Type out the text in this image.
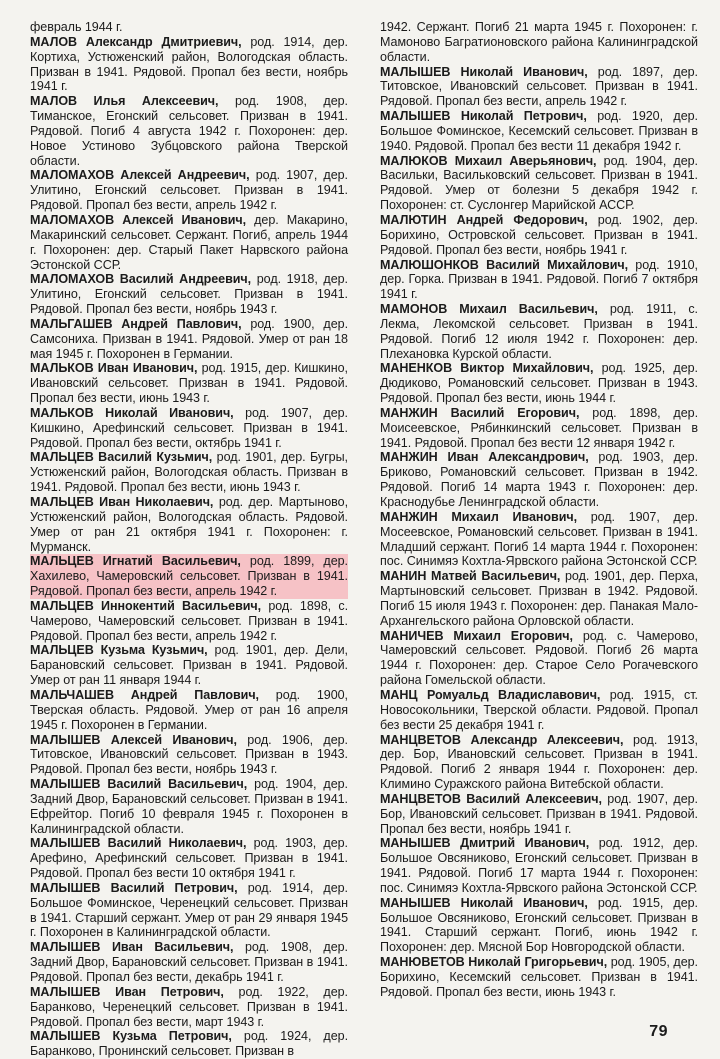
февраль 1944 г.

МАЛОВ Александр Дмитриевич, род. 1914, дер. Кортиха, Устюженский район, Вологодская область. Призван в 1941. Рядовой. Пропал без вести, ноябрь 1941 г.

МАЛОВ Илья Алексеевич, род. 1908, дер. Тиманское, Егонский сельсовет. Призван в 1941. Рядовой. Погиб 4 августа 1942 г. Похоронен: дер. Новое Устиново Зубцовского района Тверской области.

МАЛОМАХОВ Алексей Андреевич, род. 1907, дер. Улитино, Егонский сельсовет. Призван в 1941. Рядовой. Пропал без вести, апрель 1942 г.

МАЛОМАХОВ Алексей Иванович, дер. Макарино, Макаринский сельсовет. Сержант. Погиб, апрель 1944 г. Похоронен: дер. Старый Пакет Нарвского района Эстонской ССР.

МАЛОМАХОВ Василий Андреевич, род. 1918, дер. Улитино, Егонский сельсовет. Призван в 1941. Рядовой. Пропал без вести, ноябрь 1943 г.

МАЛЬГАШЕВ Андрей Павлович, род. 1900, дер. Самсониха. Призван в 1941. Рядовой. Умер от ран 18 мая 1945 г. Похоронен в Германии.

МАЛЬКОВ Иван Иванович, род. 1915, дер. Кишкино, Ивановский сельсовет. Призван в 1941. Рядовой. Пропал без вести, июнь 1943 г.

МАЛЬКОВ Николай Иванович, род. 1907, дер. Кишкино, Арефинский сельсовет. Призван в 1941. Рядовой. Пропал без вести, октябрь 1941 г.

МАЛЬЦЕВ Василий Кузьмич, род. 1901, дер. Бугры, Устюженский район, Вологодская область. Призван в 1941. Рядовой. Пропал без вести, июнь 1943 г.

МАЛЬЦЕВ Иван Николаевич, род. дер. Мартыново, Устюженский район, Вологодская область. Рядовой. Умер от ран 21 октября 1941 г. Похоронен: г. Мурманск.

МАЛЬЦЕВ Игнатий Васильевич, род. 1899, дер. Хахилево, Чамеровский сельсовет. Призван в 1941. Рядовой. Пропал без вести, апрель 1942 г.

МАЛЬЦЕВ Иннокентий Васильевич, род. 1898, с. Чамерово, Чамеровский сельсовет. Призван в 1941. Рядовой. Пропал без вести, апрель 1942 г.

МАЛЬЦЕВ Кузьма Кузьмич, род. 1901, дер. Дели, Барановский сельсовет. Призван в 1941. Рядовой. Умер от ран 11 января 1944 г.

МАЛЬЧАШЕВ Андрей Павлович, род. 1900, Тверская область. Рядовой. Умер от ран 16 апреля 1945 г. Похоронен в Германии.

МАЛЫШЕВ Алексей Иванович, род. 1906, дер. Титовское, Ивановский сельсовет. Призван в 1943. Рядовой. Пропал без вести, ноябрь 1943 г.

МАЛЫШЕВ Василий Васильевич, род. 1904, дер. Задний Двор, Барановский сельсовет. Призван в 1941. Ефрейтор. Погиб 10 февраля 1945 г. Похоронен в Калининградской области.

МАЛЫШЕВ Василий Николаевич, род. 1903, дер. Арефино, Арефинский сельсовет. Призван в 1941. Рядовой. Пропал без вести 10 октября 1941 г.

МАЛЫШЕВ Василий Петрович, род. 1914, дер. Большое Фоминское, Черенецкий сельсовет. Призван в 1941. Старший сержант. Умер от ран 29 января 1945 г. Похоронен в Калининградской области.

МАЛЫШЕВ Иван Васильевич, род. 1908, дер. Задний Двор, Барановский сельсовет. Призван в 1941. Рядовой. Пропал без вести, декабрь 1941 г.

МАЛЫШЕВ Иван Петрович, род. 1922, дер. Баранково, Черенецкий сельсовет. Призван в 1941. Рядовой. Пропал без вести, март 1943 г.

МАЛЫШЕВ Кузьма Петрович, род. 1924, дер. Баранково, Пронинский сельсовет. Призван в

1942. Сержант. Погиб 21 марта 1945 г. Похоронен: г. Мамоново Багратионовского района Калининградской области.

МАЛЫШЕВ Николай Иванович, род. 1897, дер. Титовское, Ивановский сельсовет. Призван в 1941. Рядовой. Пропал без вести, апрель 1942 г.

МАЛЫШЕВ Николай Петрович, род. 1920, дер. Большое Фоминское, Кесемский сельсовет. Призван в 1940. Рядовой. Пропал без вести 11 декабря 1942 г.

МАЛЮКОВ Михаил Аверьянович, род. 1904, дер. Васильки, Васильковский сельсовет. Призван в 1941. Рядовой. Умер от болезни 5 декабря 1942 г. Похоронен: ст. Суслонгер Марийской АССР.

МАЛЮТИН Андрей Федорович, род. 1902, дер. Борихино, Островской сельсовет. Призван в 1941. Рядовой. Пропал без вести, ноябрь 1941 г.

МАЛЮШОНКОВ Василий Михайлович, род. 1910, дер. Горка. Призван в 1941. Рядовой. Погиб 7 октября 1941 г.

МАМОНОВ Михаил Васильевич, род. 1911, с. Лекма, Лекомской сельсовет. Призван в 1941. Рядовой. Погиб 12 июля 1942 г. Похоронен: дер. Плехановка Курской области.

МАНЕНКОВ Виктор Михайлович, род. 1925, дер. Дюдиково, Романовский сельсовет. Призван в 1943. Рядовой. Пропал без вести, июнь 1944 г.

МАНЖИН Василий Егорович, род. 1898, дер. Моисеевское, Рябинкинский сельсовет. Призван в 1941. Рядовой. Пропал без вести 12 января 1942 г.

МАНЖИН Иван Александрович, род. 1903, дер. Бриково, Романовский сельсовет. Призван в 1942. Рядовой. Погиб 14 марта 1943 г. Похоронен: дер. Краснодубье Ленинградской области.

МАНЖИН Михаил Иванович, род. 1907, дер. Мосеевское, Романовский сельсовет. Призван в 1941. Младший сержант. Погиб 14 марта 1944 г. Похоронен: пос. Синимяэ Кохтла-Ярвского района Эстонской ССР.

МАНИН Матвей Васильевич, род. 1901, дер. Перха, Мартыновский сельсовет. Призван в 1942. Рядовой. Погиб 15 июля 1943 г. Похоронен: дер. Панакая Мало-Архангельского района Орловской области.

МАНИЧЕВ Михаил Егорович, род. с. Чамерово, Чамеровский сельсовет. Рядовой. Погиб 26 марта 1944 г. Похоронен: дер. Старое Село Рогачевского района Гомельской области.

МАНЦ Ромуальд Владиславович, род. 1915, ст. Новосокольники, Тверской области. Рядовой. Пропал без вести 25 декабря 1941 г.

МАНЦВЕТОВ Александр Алексеевич, род. 1913, дер. Бор, Ивановский сельсовет. Призван в 1941. Рядовой. Погиб 2 января 1944 г. Похоронен: дер. Климино Суражского района Витебской области.

МАНЦВЕТОВ Василий Алексеевич, род. 1907, дер. Бор, Ивановский сельсовет. Призван в 1941. Рядовой. Пропал без вести, ноябрь 1941 г.

МАНЫШЕВ Дмитрий Иванович, род. 1912, дер. Большое Овсяниково, Егонский сельсовет. Призван в 1941. Рядовой. Погиб 17 марта 1944 г. Похоронен: пос. Синимяэ Кохтла-Ярвского района Эстонской ССР.

МАНЫШЕВ Николай Иванович, род. 1915, дер. Большое Овсяниково, Егонский сельсовет. Призван в 1941. Старший сержант. Погиб, июнь 1942 г. Похоронен: дер. Мясной Бор Новгородской области.

МАНЮВЕТОВ Николай Григорьевич, род. 1905, дер. Борихино, Кесемский сельсовет. Призван в 1941. Рядовой. Пропал без вести, июнь 1943 г.

79
